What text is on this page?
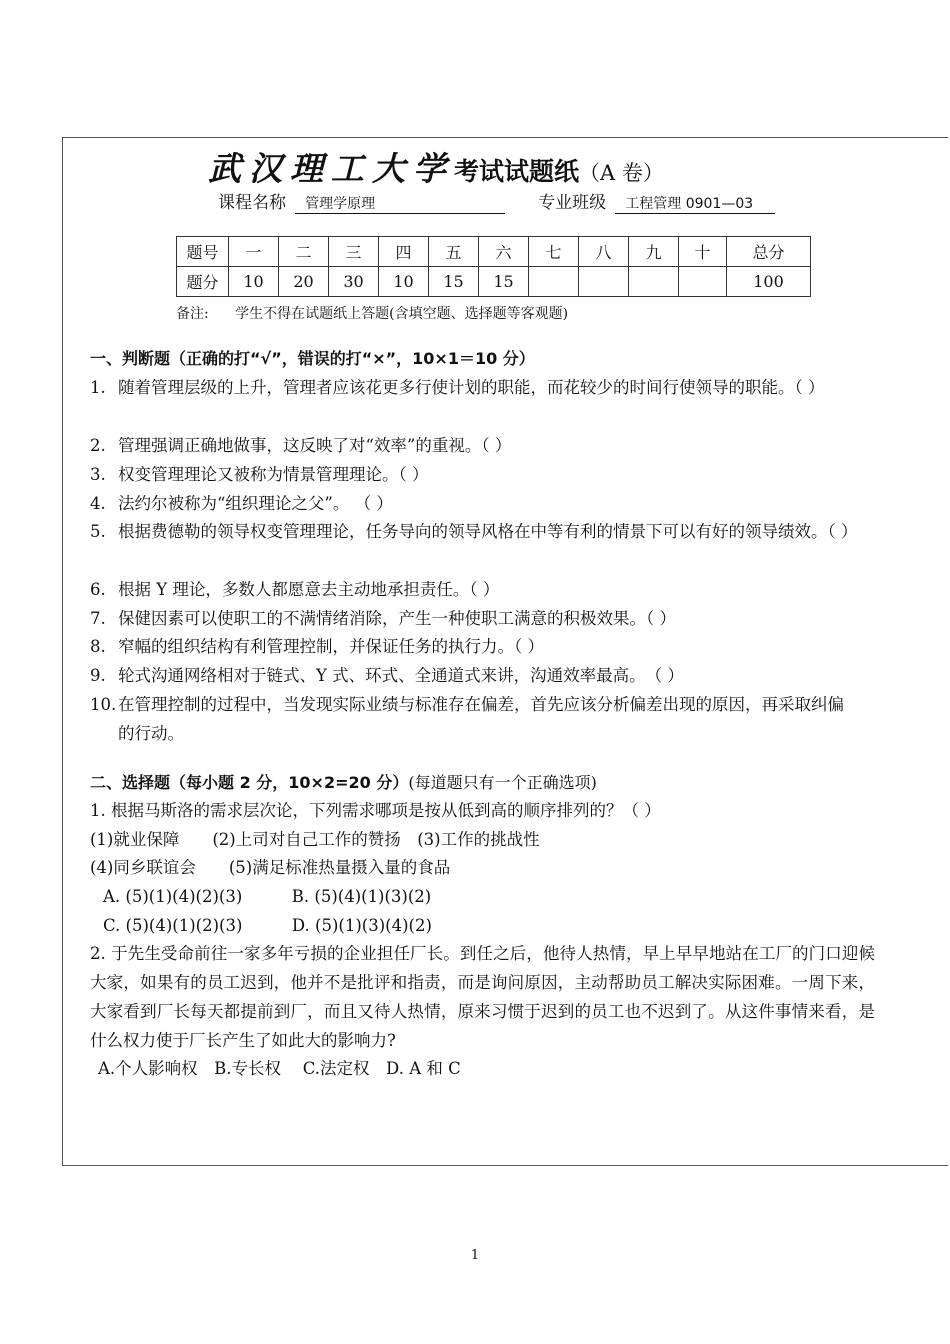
武汉理工大学考试试题纸（A 卷）
课程名称 管理学原理	专业班级 工程管理 0901—03
题号	一	二	三	四	五	六	七	八	九	十	总分
题分	10	20	30	10	15	15					100
备注: 学生不得在试题纸上答题(含填空题、选择题等客观题)
一、判断题（正确的打“√”，错误的打“×”，10×1＝10 分）
1. 随着管理层级的上升，管理者应该花更多行使计划的职能，而花较少的时间行使领导的职能。（ ）
2. 管理强调正确地做事，这反映了对“效率”的重视。（ ）
3. 权变管理理论又被称为情景管理理论。（ ）
4. 法约尔被称为“组织理论之父”。 （ ）
5. 根据费德勒的领导权变管理理论，任务导向的领导风格在中等有利的情景下可以有好的领导绩效。（ ）
6. 根据 Y 理论，多数人都愿意去主动地承担责任。（ ）
7. 保健因素可以使职工的不满情绪消除，产生一种使职工满意的积极效果。（ ）
8. 窄幅的组织结构有利管理控制，并保证任务的执行力。（ ）
9. 轮式沟通网络相对于链式、Y 式、环式、全通道式来讲，沟通效率最高。　（ ）
10. 在管理控制的过程中，当发现实际业绩与标准存在偏差，首先应该分析偏差出现的原因，再采取纠偏的行动。
二、选择题（每小题 2 分，10×2=20 分）(每道题只有一个正确选项)
1. 根据马斯洛的需求层次论，下列需求哪项是按从低到高的顺序排列的？（ ）
(1)就业保障　　(2)上司对自己工作的赞扬　(3)工作的挑战性
(4)同乡联谊会　　(5)满足标准热量摄入量的食品
A. (5)(1)(4)(2)(3)　　　B. (5)(4)(1)(3)(2)
C. (5)(4)(1)(2)(3)　　　D. (5)(1)(3)(4)(2)
2. 于先生受命前往一家多年亏损的企业担任厂长。到任之后，他待人热情，早上早早地站在工厂的门口迎候大家，如果有的员工迟到，他并不是批评和指责，而是询问原因，主动帮助员工解决实际困难。一周下来，大家看到厂长每天都提前到厂，而且又待人热情，原来习惯于迟到的员工也不迟到了。从这件事情来看，是什么权力使于厂长产生了如此大的影响力?
A.个人影响权　B.专长权　 C.法定权　D. A 和 C
1
